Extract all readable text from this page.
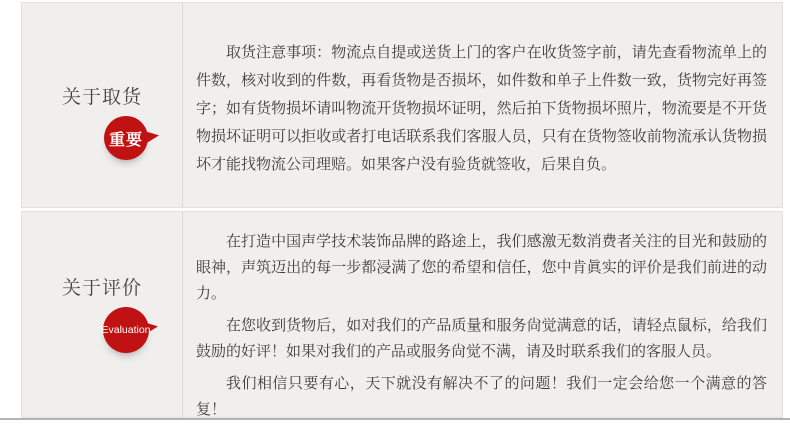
关于取货
重要

取货注意事项：物流点自提或送货上门的客户在收货签字前，请先查看物流单上的件数，核对收到的件数，再看货物是否损坏，如件数和单子上件数一致，货物完好再签字；如有货物损坏请叫物流开货物损坏证明，然后拍下货物损坏照片，物流要是不开货物损坏证明可以拒收或者打电话联系我们客服人员，只有在货物签收前物流承认货物损坏才能找物流公司理赔。如果客户没有验货就签收，后果自负。

关于评价
Evaluation

在打造中国声学技术装饰品牌的路途上，我们感激无数消费者关注的目光和鼓励的眼神，声筑迈出的每一步都浸满了您的希望和信任，您中肯眞实的评价是我们前进的动力。

在您收到货物后，如对我们的产品质量和服务尙觉满意的话，请轻点鼠标，给我们鼓励的好评！如果对我们的产品或服务尙觉不满，请及时联系我们的客服人员。

我们相信只要有心，天下就没有解决不了的问题！我们一定会给您一个满意的答复！
